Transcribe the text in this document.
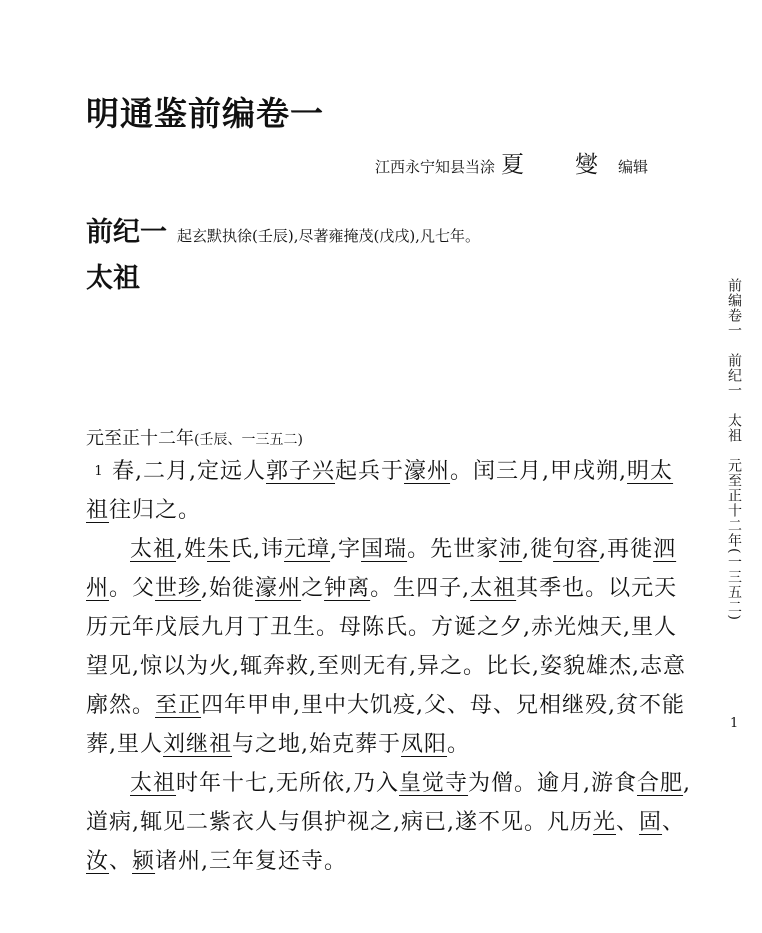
明通鉴前编卷一
江西永宁知县当涂 夏　燮 编辑
前纪一 起玄默执徐(壬辰),尽著雍掩茂(戊戌),凡七年。
太祖
元至正十二年(壬辰、一三五二)

1 春,二月,定远人郭子兴起兵于濠州。闰三月,甲戌朔,明太祖往归之。

太祖,姓朱氏,讳元璋,字国瑞。先世家沛,徙句容,再徙泗州。父世珍,始徙濠州之钟离。生四子,太祖其季也。以元天历元年戊辰九月丁丑生。母陈氏。方诞之夕,赤光烛天,里人望见,惊以为火,辄奔救,至则无有,异之。比长,姿貌雄杰,志意廓然。至正四年甲申,里中大饥疫,父、母、兄相继殁,贫不能葬,里人刘继祖与之地,始克葬于凤阳。

太祖时年十七,无所依,乃入皇觉寺为僧。逾月,游食合肥,道病,辄见二紫衣人与俱护视之,病已,遂不见。凡历光、固、汝、颍诸州,三年复还寺。

前编卷一　前纪一　太祖　元至正十二年(一三五二)
1
